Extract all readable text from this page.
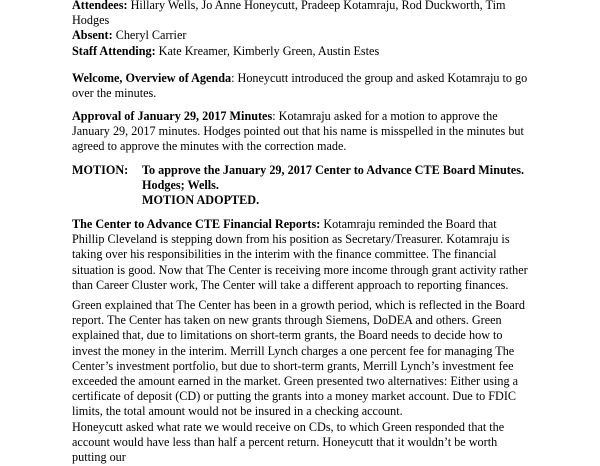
Attendees: Hillary Wells, Jo Anne Honeycutt, Pradeep Kotamraju, Rod Duckworth, Tim
Hodges
Absent: Cheryl Carrier
Staff Attending: Kate Kreamer, Kimberly Green, Austin Estes

Welcome, Overview of Agenda: Honeycutt introduced the group and asked Kotamraju to go over the minutes.

Approval of January 29, 2017 Minutes: Kotamraju asked for a motion to approve the January 29, 2017 minutes. Hodges pointed out that his name is misspelled in the minutes but agreed to approve the minutes with the correction made.

MOTION: To approve the January 29, 2017 Center to Advance CTE Board Minutes.
Hodges; Wells.
MOTION ADOPTED.

The Center to Advance CTE Financial Reports: Kotamraju reminded the Board that Phillip Cleveland is stepping down from his position as Secretary/Treasurer. Kotamraju is taking over his responsibilities in the interim with the finance committee. The financial situation is good. Now that The Center is receiving more income through grant activity rather than Career Cluster work, The Center will take a different approach to reporting finances.

Green explained that The Center has been in a growth period, which is reflected in the Board report. The Center has taken on new grants through Siemens, DoDEA and others. Green explained that, due to limitations on short-term grants, the Board needs to decide how to invest the money in the interim. Merrill Lynch charges a one percent fee for managing The Center’s investment portfolio, but due to short-term grants, Merrill Lynch’s investment fee exceeded the amount earned in the market. Green presented two alternatives: Either using a certificate of deposit (CD) or putting the grants into a money market account. Due to FDIC limits, the total amount would not be insured in a checking account.

Honeycutt asked what rate we would receive on CDs, to which Green responded that the account would have less than half a percent return. Honeycutt that it wouldn’t be worth putting our
